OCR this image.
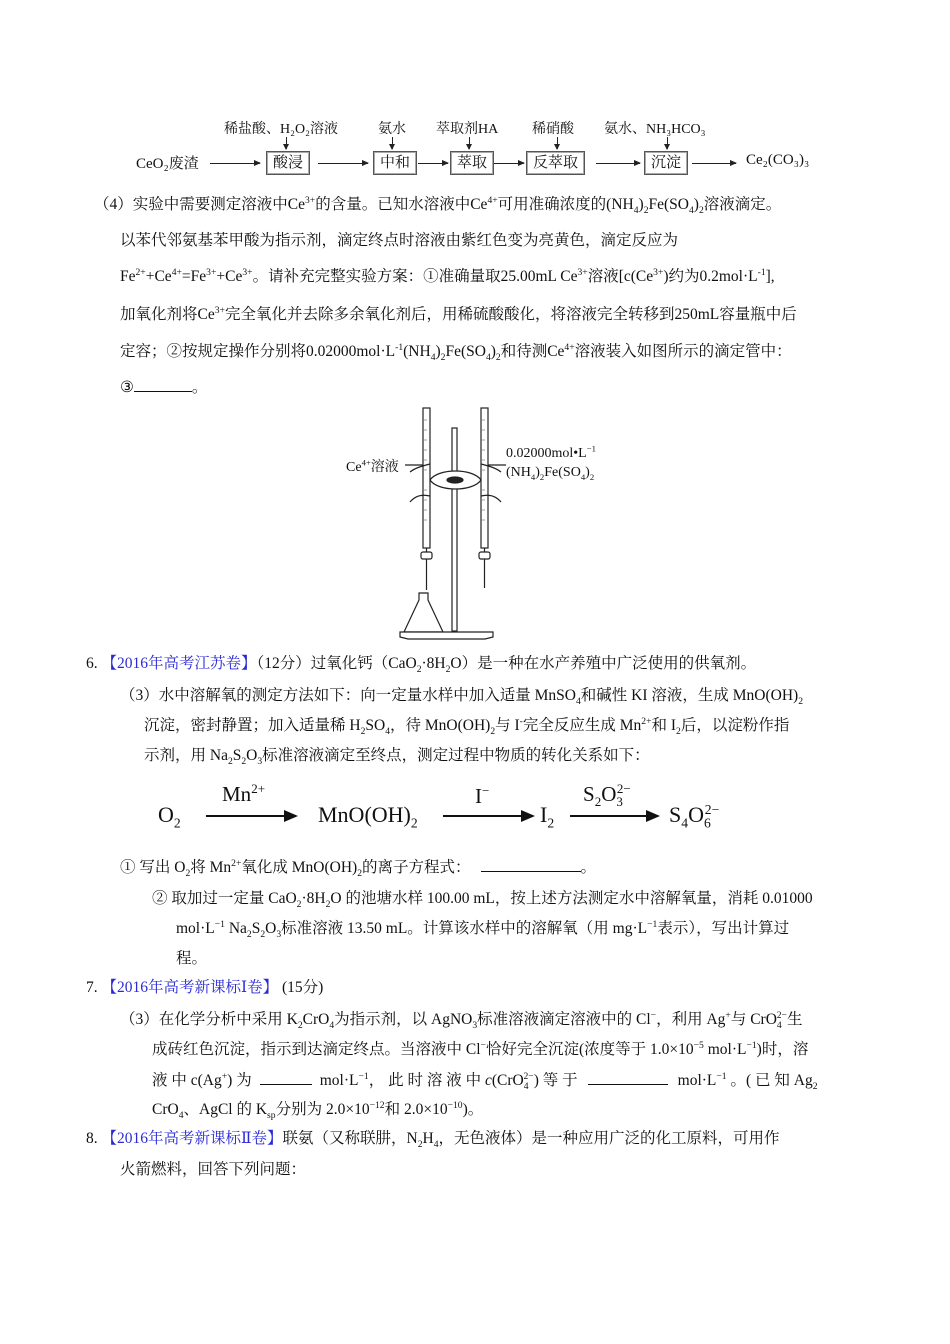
稀盐酸、H₂O₂溶液	氨水 萃取剂HA 稀硝酸 氨水、NH₃HCO₃
CeO₂废渣	酸浸	中和	萃取	反萃取	沉淀	Ce₂(CO₃)₃
（4）实验中需要测定溶液中$Ce^{3+}$的含量。已知水溶液中$Ce^{4+}$可用准确浓度的$(NH_4)_2Fe(SO_4)_2$溶液滴定。
以苯代邻氨基苯甲酸为指示剂，滴定终点时溶液由紫红色变为亮黄色，滴定反应为
$Fe^{2+}+Ce^{4+}=Fe^{3+}+Ce^{3+}$。请补充完整实验方案：①准确量取25.00mL $Ce^{3+}$溶液[$c(Ce^{3+})$约为$0.2mol\cdot L^{-1}$],
加氧化剂将$Ce^{3+}$完全氧化并去除多余氧化剂后，用稀硫酸酸化，将溶液完全转移到250mL容量瓶中后
定容；②按规定操作分别将$0.02000mol\cdot L^{-1}(NH_4)_2Fe(SO_4)_2$和待测$Ce^{4+}$溶液装入如图所示的滴定管中：
③	。
$Ce^{4+}$溶液
$0.02000mol•L^{-1}$
$(NH_4)_2Fe(SO_4)_2$
6. 【2016年高考江苏卷】（12分）过氧化钙$(CaO_2\cdot 8H_2O)$是一种在水产养殖中广泛使用的供氧剂。
（3）水中溶解氧的测定方法如下：向一定量水样中加入适量 MnSO$_4$和碱性 KI 溶液，生成 $MnO(OH)_2$
沉淀，密封静置；加入适量稀 $H_2SO_4$，待 $MnO(OH)_2$与 I-完全反应生成 $Mn^{2+}$和 $I_2$后，以淀粉作指
示剂，用 $Na_2S_2O_3$标准溶液滴定至终点，测定过程中物质的转化关系如下：
$O_2$
$Mn^{2+}$
$MnO(OH)_2$
I−
$I_2$
$S_2O_3^{2-}$
$S_4O_6^{2-}$
① 写出 $O_2$将 $Mn^{2+}$氧化成 $MnO(OH)_2$的离子方程式：	。
② 取加过一定量 $CaO_2\cdot 8H_2O$ 的池塘水样 100.00 mL，按上述方法测定水中溶解氧量，消耗 0.01000
$mol\cdot L^{-1}$ $Na_2S_2O_3$标准溶液 13.50 mL。计算该水样中的溶解氧（用 $mg\cdot L^{-1}$表示），写出计算过
程。
7. 【2016年高考新课标Ⅰ卷】 (15分)
（3）在化学分析中采用 $K_2CrO_4$为指示剂，以 AgNO$_3$标准溶液滴定溶液中的 Cl−，利用 Ag+与 CrO$_4^{2-}$生
成砖红色沉淀，指示到达滴定终点。当溶液中 Cl−恰好完全沉淀(浓度等于 $1.0\times 10^{-5}$ $mol\cdot L^{-1}$)时，溶
液 中 c(Ag+) 为	$mol\cdot L^{-1}$， 此 时 溶 液 中 c(CrO$_4^{2-}$) 等 于	$mol\cdot L^{-1}$ 。( 已 知 $Ag_2$
CrO$_4$、AgCl 的 $K_{sp}$分别为 $2.0\times 10^{-12}$和 $2.0\times 10^{-10}$)。
8. 【2016年高考新课标Ⅱ卷】联氨（又称联肼，$N_2H_4$，无色液体）是一种应用广泛的化工原料，可用作
火箭燃料，回答下列问题：
